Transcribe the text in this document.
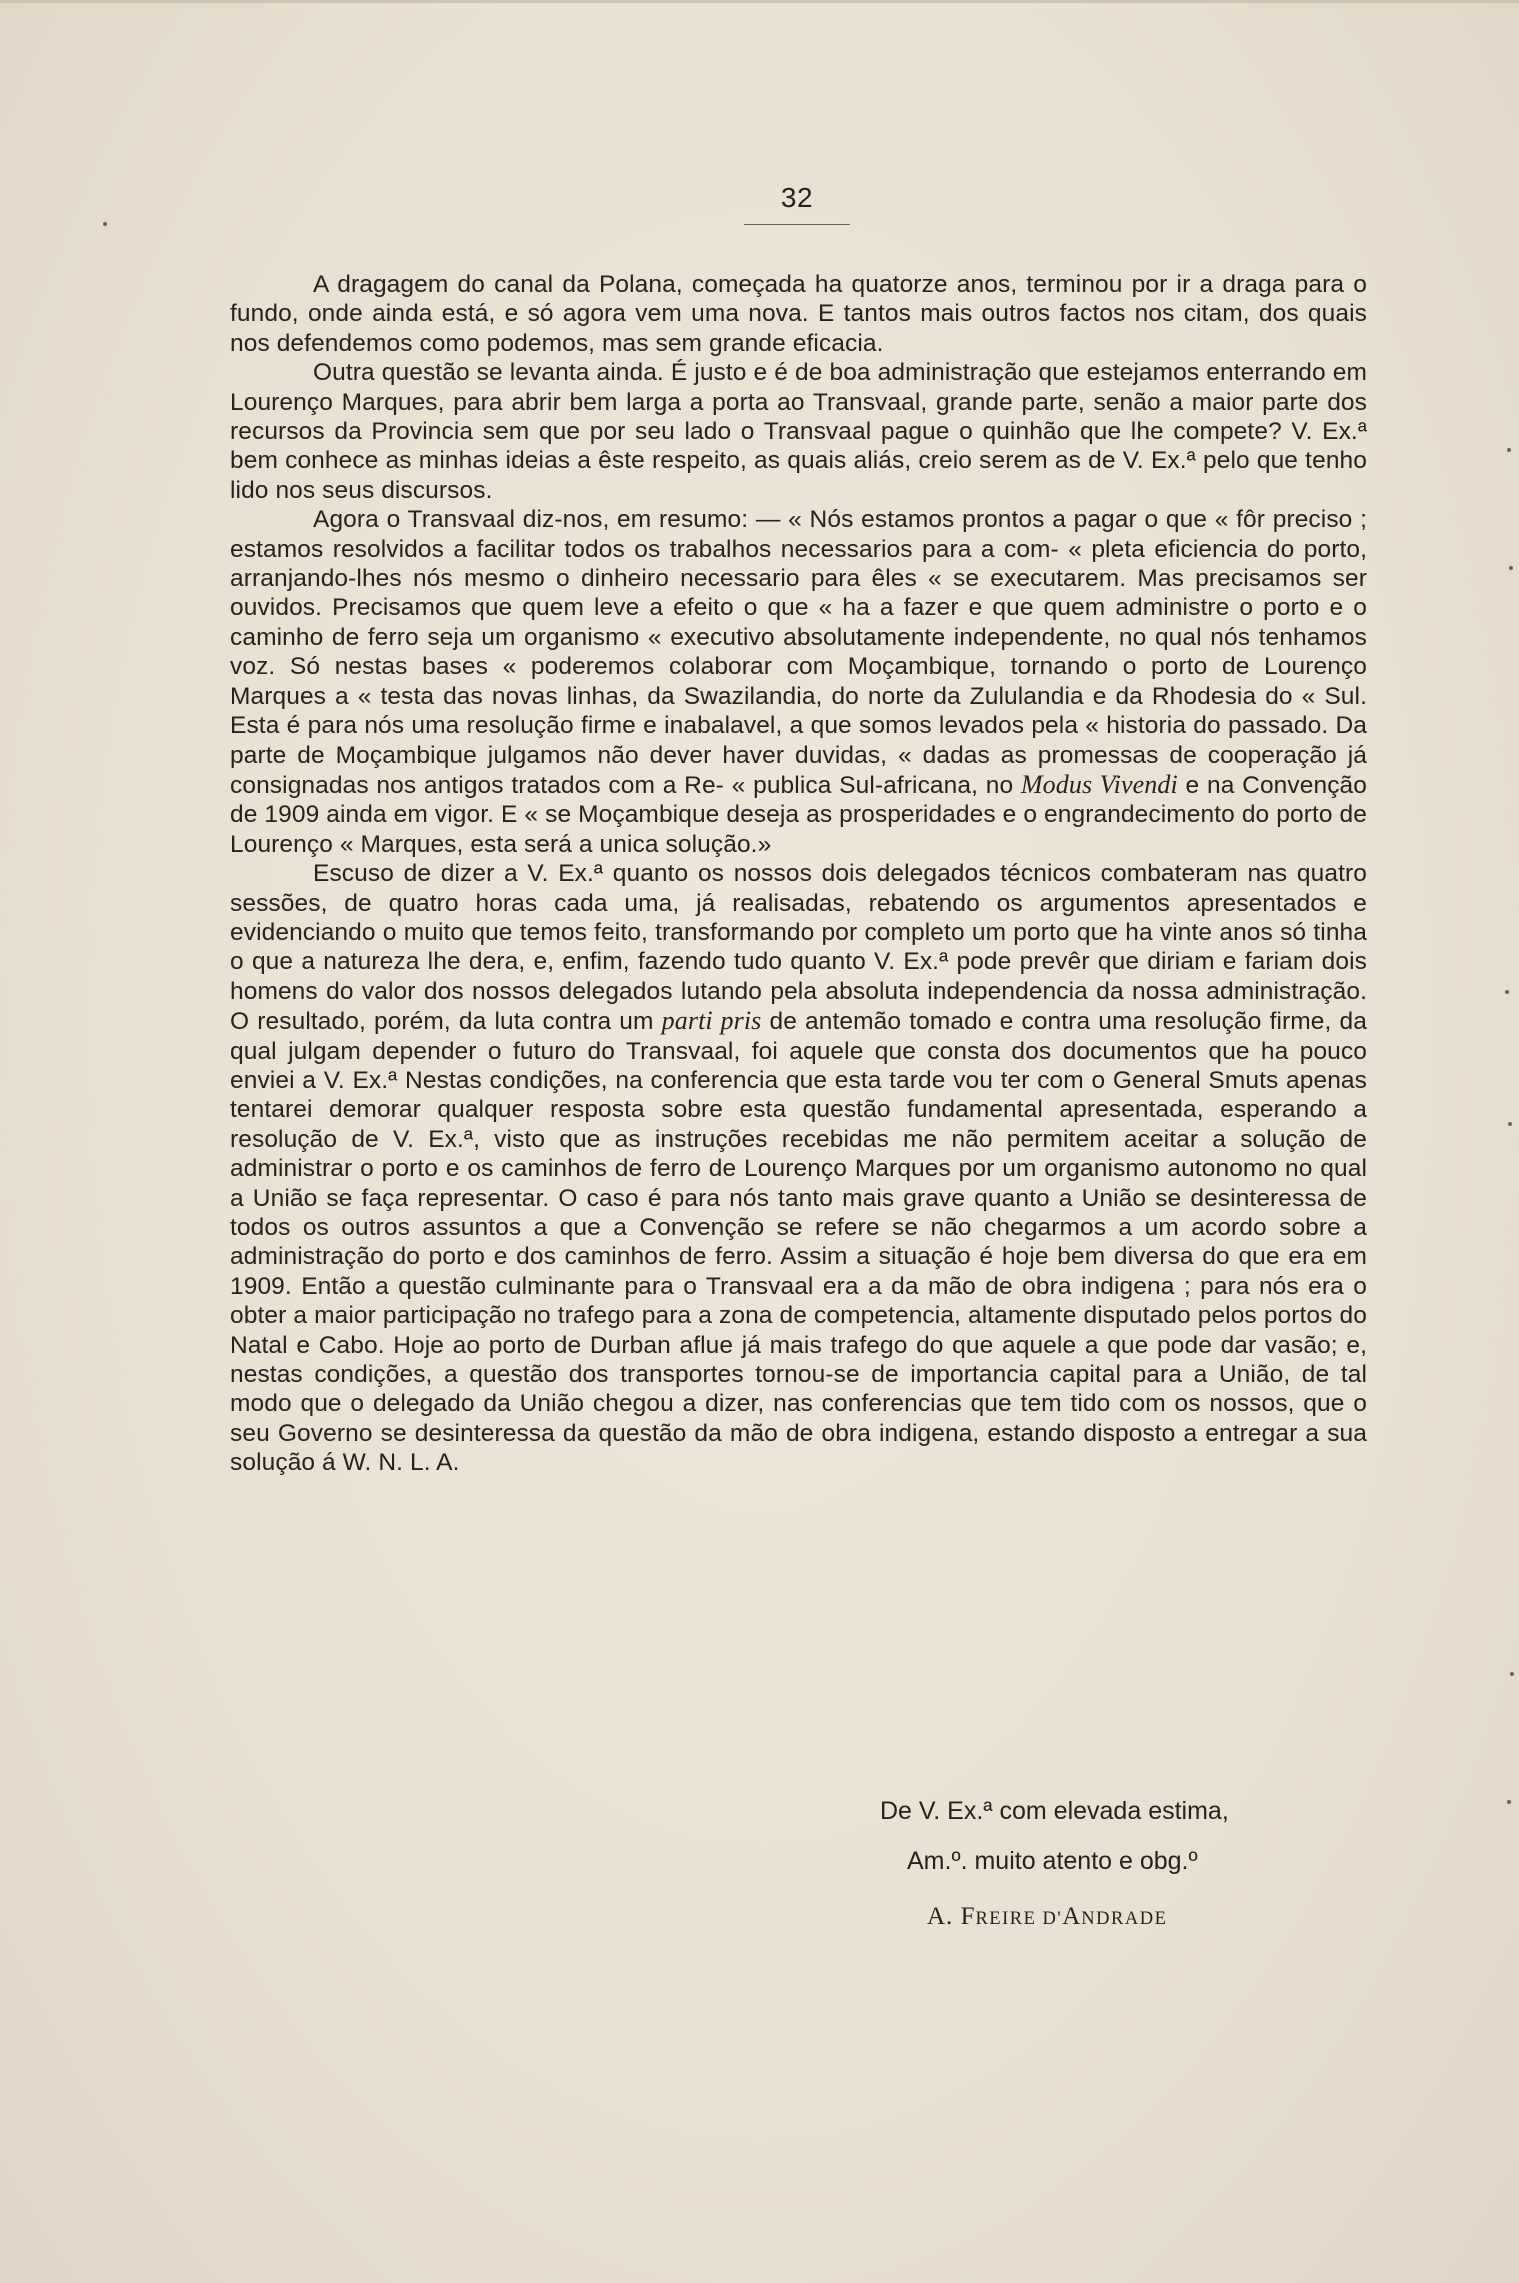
32

A dragagem do canal da Polana, começada ha quatorze anos, terminou por ir a draga para o fundo, onde ainda está, e só agora vem uma nova. E tantos mais outros factos nos citam, dos quais nos defendemos como podemos, mas sem grande eficacia.

Outra questão se levanta ainda. É justo e é de boa administração que estejamos enterrando em Lourenço Marques, para abrir bem larga a porta ao Transvaal, grande parte, senão a maior parte dos recursos da Provincia sem que por seu lado o Transvaal pague o quinhão que lhe compete? V. Ex.ª bem conhece as minhas ideias a êste respeito, as quais aliás, creio serem as de V. Ex.ª pelo que tenho lido nos seus discursos.

Agora o Transvaal diz-nos, em resumo: — « Nós estamos prontos a pagar o que « fôr preciso ; estamos resolvidos a facilitar todos os trabalhos necessarios para a com- « pleta eficiencia do porto, arranjando-lhes nós mesmo o dinheiro necessario para êles « se executarem. Mas precisamos ser ouvidos. Precisamos que quem leve a efeito o que « ha a fazer e que quem administre o porto e o caminho de ferro seja um organismo « executivo absolutamente independente, no qual nós tenhamos voz. Só nestas bases « poderemos colaborar com Moçambique, tornando o porto de Lourenço Marques a « testa das novas linhas, da Swazilandia, do norte da Zululandia e da Rhodesia do « Sul. Esta é para nós uma resolução firme e inabalavel, a que somos levados pela « historia do passado. Da parte de Moçambique julgamos não dever haver duvidas, « dadas as promessas de cooperação já consignadas nos antigos tratados com a Re- « publica Sul-africana, no Modus Vivendi e na Convenção de 1909 ainda em vigor. E « se Moçambique deseja as prosperidades e o engrandecimento do porto de Lourenço « Marques, esta será a unica solução.»

Escuso de dizer a V. Ex.ª quanto os nossos dois delegados técnicos combateram nas quatro sessões, de quatro horas cada uma, já realisadas, rebatendo os argumentos apresentados e evidenciando o muito que temos feito, transformando por completo um porto que ha vinte anos só tinha o que a natureza lhe dera, e, enfim, fazendo tudo quanto V. Ex.ª pode prevêr que diriam e fariam dois homens do valor dos nossos delegados lutando pela absoluta independencia da nossa administração. O resultado, porém, da luta contra um parti pris de antemão tomado e contra uma resolução firme, da qual julgam depender o futuro do Transvaal, foi aquele que consta dos documentos que ha pouco enviei a V. Ex.ª Nestas condições, na conferencia que esta tarde vou ter com o General Smuts apenas tentarei demorar qualquer resposta sobre esta questão fundamental apresentada, esperando a resolução de V. Ex.ª, visto que as instruções recebidas me não permitem aceitar a solução de administrar o porto e os caminhos de ferro de Lourenço Marques por um organismo autonomo no qual a União se faça representar. O caso é para nós tanto mais grave quanto a União se desinteressa de todos os outros assuntos a que a Convenção se refere se não chegarmos a um acordo sobre a administração do porto e dos caminhos de ferro. Assim a situação é hoje bem diversa do que era em 1909. Então a questão culminante para o Transvaal era a da mão de obra indigena ; para nós era o obter a maior participação no trafego para a zona de competencia, altamente disputado pelos portos do Natal e Cabo. Hoje ao porto de Durban aflue já mais trafego do que aquele a que pode dar vasão; e, nestas condições, a questão dos transportes tornou-se de importancia capital para a União, de tal modo que o delegado da União chegou a dizer, nas conferencias que tem tido com os nossos, que o seu Governo se desinteressa da questão da mão de obra indigena, estando disposto a entregar a sua solução á W. N. L. A.

De V. Ex.ª com elevada estima,
Am.º. muito atento e obg.º
A. FREIRE D'ANDRADE
